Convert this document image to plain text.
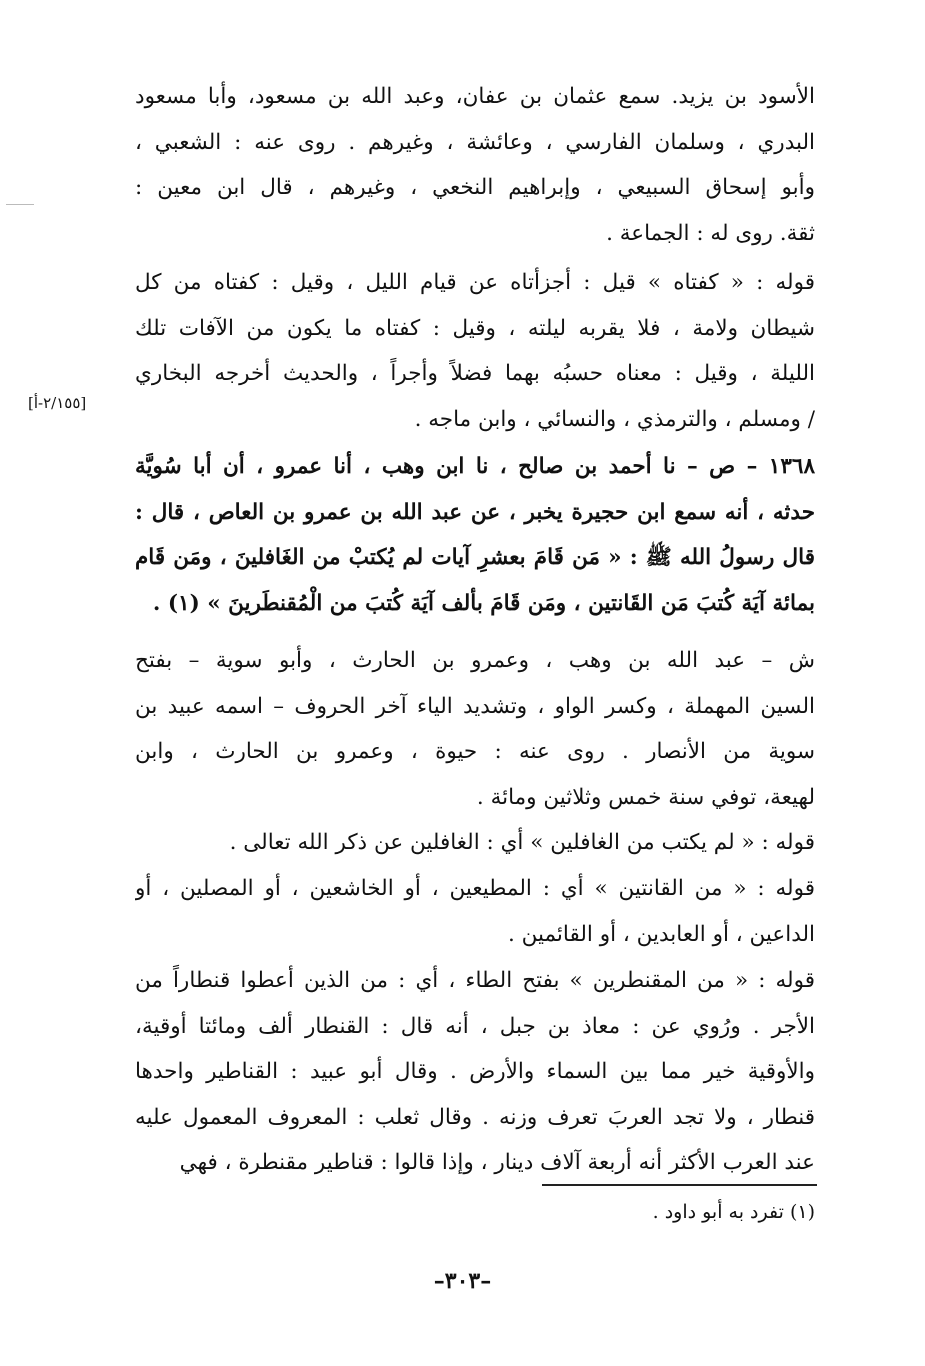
[٢/١٥٥-أ]
الأسود بن يزيد. سمع عثمان بن عفان، وعبد الله بن مسعود، وأبا مسعود
البدري ، وسلمان الفارسي ، وعائشة ، وغيرهم . روى عنه : الشعبي ،
وأبو إسحاق السبيعي ، وإبراهيم النخعي ، وغيرهم ، قال ابن معين :
ثقة. روى له : الجماعة .
قوله : « كفتاه » قيل : أجزأتاه عن قيام الليل ، وقيل : كفتاه من كل
شيطان ولامة ، فلا يقربه ليلته ، وقيل : كفتاه ما يكون من الآفات تلك
الليلة ، وقيل : معناه حسبُه بهما فضلاً وأجراً ، والحديث أخرجه البخاري
/ ومسلم ، والترمذي ، والنسائي ، وابن ماجه .
١٣٦٨ – ص – نا أحمد بن صالح ، نا ابن وهب ، أنا عمرو ، أن أبا سُويَّة
حدثه ، أنه سمع ابن حجيرة يخبر ، عن عبد الله بن عمرو بن العاص ، قال :
قال رسولُ الله ﷺ : « مَن قَامَ بعشرِ آيات لم يُكتبْ من الغَافلينَ ، ومَن قَام
بمائة آيَة كُتبَ مَن القَانتين ، ومَن قَامَ بألف آيَة كُتبَ من الْمُقنطَرينَ » (١) .
ش – عبد الله بن وهب ، وعمرو بن الحارث ، وأبو سوية – بفتح
السين المهملة ، وكسر الواو ، وتشديد الياء آخر الحروف – اسمه عبيد بن
سوية من الأنصار . روى عنه : حيوة ، وعمرو بن الحارث ، وابن
لهيعة، توفي سنة خمس وثلاثين ومائة .
قوله : « لم يكتب من الغافلين » أي : الغافلين عن ذكر الله تعالى .
قوله : « من القانتين » أي : المطيعين ، أو الخاشعين ، أو المصلين ، أو
الداعين ، أو العابدين ، أو القائمين .
قوله : « من المقنطرين » بفتح الطاء ، أي : من الذين أعطوا قنطاراً من
الأجر . ورُوي عن : معاذ بن جبل ، أنه قال : القنطار ألف ومائتا أوقية،
والأوقية خير مما بين السماء والأرض . وقال أبو عبيد : القناطير واحدها
قنطار ، ولا تجد العربَ تعرف وزنه . وقال ثعلب : المعروف المعمول عليه
عند العرب الأكثر أنه أربعة آلاف دينار ، وإذا قالوا : قناطير مقنطرة ، فهي
(١) تفرد به أبو داود .
–٣٠٣–
